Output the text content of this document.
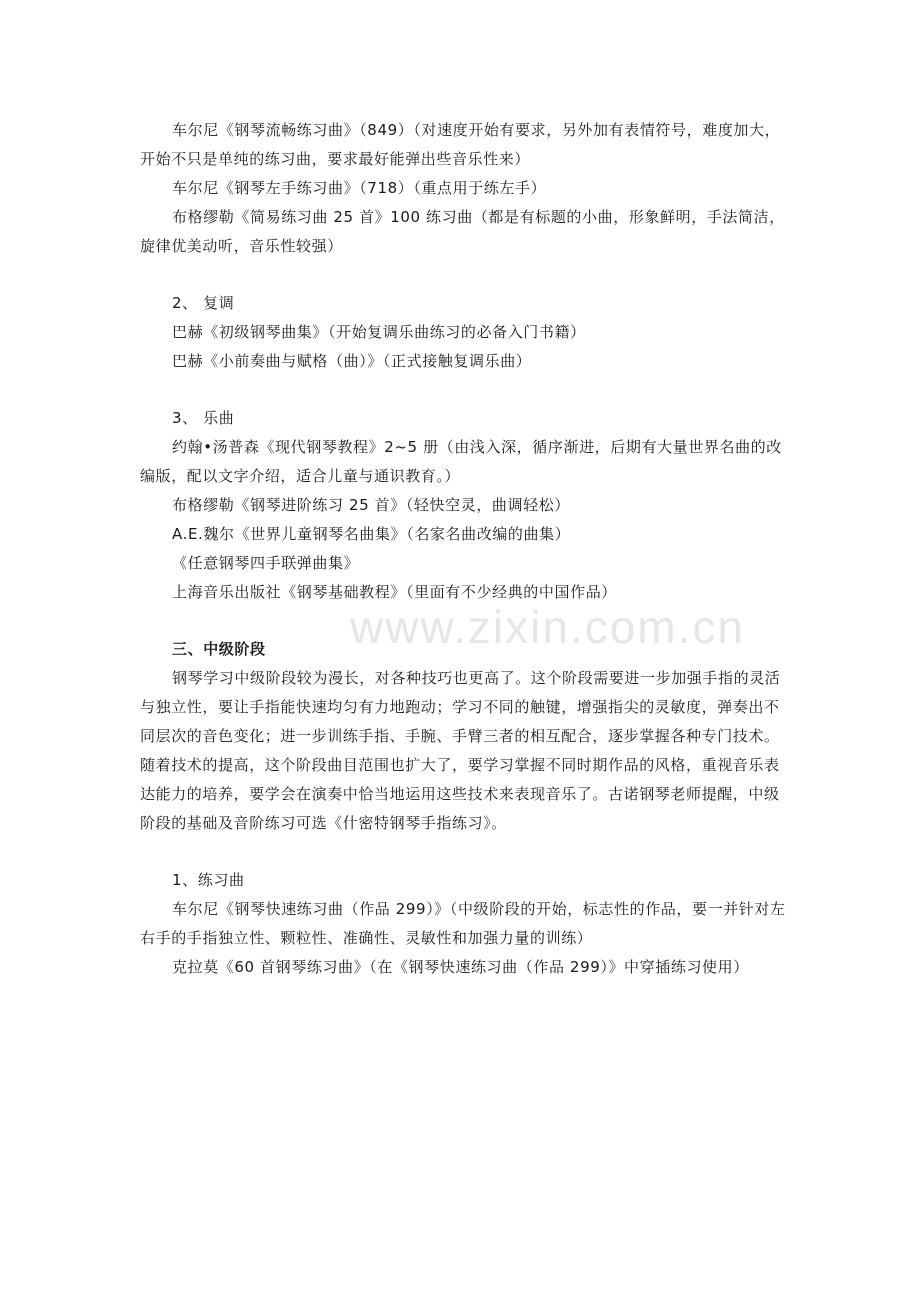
www.zixin.com.cn

车尔尼《钢琴流畅练习曲》（849）（对速度开始有要求，另外加有表情符号，难度加大，开始不只是单纯的练习曲，要求最好能弹出些音乐性来）

车尔尼《钢琴左手练习曲》（718）（重点用于练左手）

布格缪勒《简易练习曲 25 首》100 练习曲（都是有标题的小曲，形象鲜明，手法简洁，旋律优美动听，音乐性较强）

2、 复调

巴赫《初级钢琴曲集》（开始复调乐曲练习的必备入门书籍）

巴赫《小前奏曲与赋格（曲）》（正式接触复调乐曲）

3、 乐曲

约翰•汤普森《现代钢琴教程》2~5 册（由浅入深，循序渐进，后期有大量世界名曲的改编版，配以文字介绍，适合儿童与通识教育。）

布格缪勒《钢琴进阶练习 25 首》（轻快空灵，曲调轻松）

A.E.魏尔《世界儿童钢琴名曲集》（名家名曲改编的曲集）

《任意钢琴四手联弹曲集》

上海音乐出版社《钢琴基础教程》（里面有不少经典的中国作品）

三、中级阶段

钢琴学习中级阶段较为漫长，对各种技巧也更高了。这个阶段需要进一步加强手指的灵活与独立性，要让手指能快速均匀有力地跑动；学习不同的触键，增强指尖的灵敏度，弹奏出不同层次的音色变化；进一步训练手指、手腕、手臂三者的相互配合，逐步掌握各种专门技术。随着技术的提高，这个阶段曲目范围也扩大了，要学习掌握不同时期作品的风格，重视音乐表达能力的培养，要学会在演奏中恰当地运用这些技术来表现音乐了。古诺钢琴老师提醒，中级阶段的基础及音阶练习可选《什密特钢琴手指练习》。

1、练习曲

车尔尼《钢琴快速练习曲（作品 299）》（中级阶段的开始，标志性的作品，要一并针对左右手的手指独立性、颗粒性、准确性、灵敏性和加强力量的训练）

克拉莫《60 首钢琴练习曲》（在《钢琴快速练习曲（作品 299）》中穿插练习使用）
